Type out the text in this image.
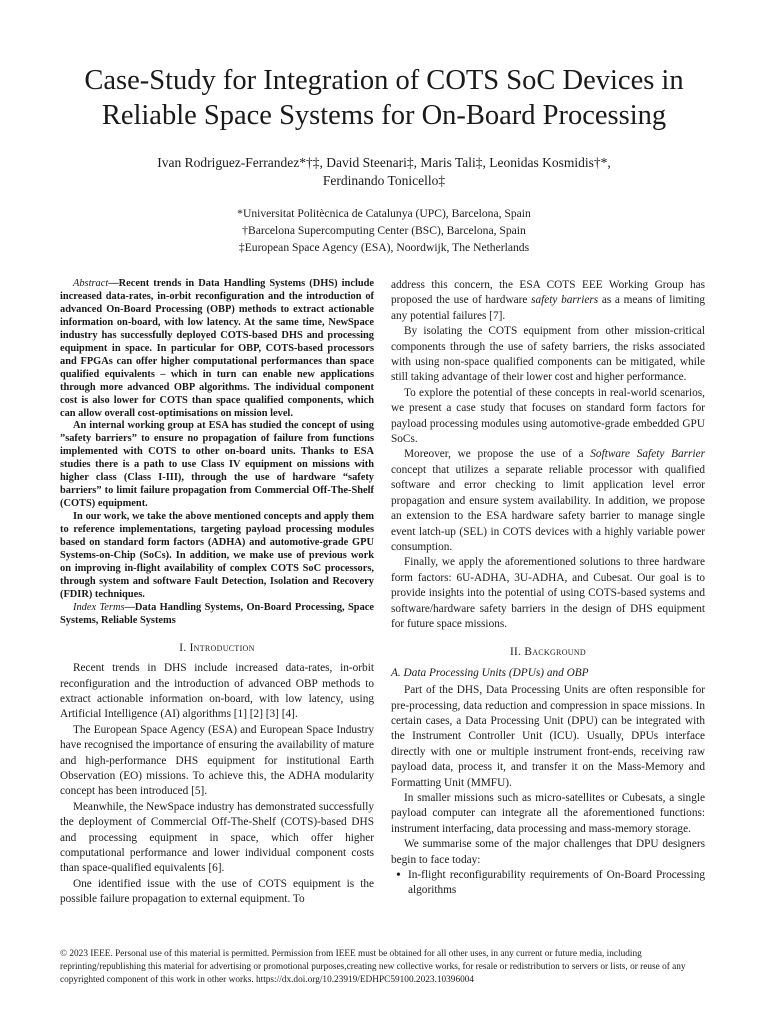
Case-Study for Integration of COTS SoC Devices in Reliable Space Systems for On-Board Processing
Ivan Rodriguez-Ferrandez*†‡, David Steenari‡, Maris Tali‡, Leonidas Kosmidis†*,
Ferdinando Tonicello‡
*Universitat Politècnica de Catalunya (UPC), Barcelona, Spain
†Barcelona Supercomputing Center (BSC), Barcelona, Spain
‡European Space Agency (ESA), Noordwijk, The Netherlands

Abstract—Recent trends in Data Handling Systems (DHS) include increased data-rates, in-orbit reconfiguration and the introduction of advanced On-Board Processing (OBP) methods to extract actionable information on-board, with low latency. At the same time, NewSpace industry has successfully deployed COTS-based DHS and processing equipment in space. In particular for OBP, COTS-based processors and FPGAs can offer higher computational performances than space qualified equivalents – which in turn can enable new applications through more advanced OBP algorithms. The individual component cost is also lower for COTS than space qualified components, which can allow overall cost-optimisations on mission level.

An internal working group at ESA has studied the concept of using ”safety barriers” to ensure no propagation of failure from functions implemented with COTS to other on-board units. Thanks to ESA studies there is a path to use Class IV equipment on missions with higher class (Class I-III), through the use of hardware “safety barriers” to limit failure propagation from Commercial Off-The-Shelf (COTS) equipment.

In our work, we take the above mentioned concepts and apply them to reference implementations, targeting payload processing modules based on standard form factors (ADHA) and automotive-grade GPU Systems-on-Chip (SoCs). In addition, we make use of previous work on improving in-flight availability of complex COTS SoC processors, through system and software Fault Detection, Isolation and Recovery (FDIR) techniques.

Index Terms—Data Handling Systems, On-Board Processing, Space Systems, Reliable Systems

I. Introduction

Recent trends in DHS include increased data-rates, in-orbit reconfiguration and the introduction of advanced OBP methods to extract actionable information on-board, with low latency, using Artificial Intelligence (AI) algorithms [1] [2] [3] [4].

The European Space Agency (ESA) and European Space Industry have recognised the importance of ensuring the availability of mature and high-performance DHS equipment for institutional Earth Observation (EO) missions. To achieve this, the ADHA modularity concept has been introduced [5].

Meanwhile, the NewSpace industry has demonstrated successfully the deployment of Commercial Off-The-Shelf (COTS)-based DHS and processing equipment in space, which offer higher computational performance and lower individual component costs than space-qualified equivalents [6].

One identified issue with the use of COTS equipment is the possible failure propagation to external equipment. To

address this concern, the ESA COTS EEE Working Group has proposed the use of hardware safety barriers as a means of limiting any potential failures [7].

By isolating the COTS equipment from other mission-critical components through the use of safety barriers, the risks associated with using non-space qualified components can be mitigated, while still taking advantage of their lower cost and higher performance.

To explore the potential of these concepts in real-world scenarios, we present a case study that focuses on standard form factors for payload processing modules using automotive-grade embedded GPU SoCs.

Moreover, we propose the use of a Software Safety Barrier concept that utilizes a separate reliable processor with qualified software and error checking to limit application level error propagation and ensure system availability. In addition, we propose an extension to the ESA hardware safety barrier to manage single event latch-up (SEL) in COTS devices with a highly variable power consumption.

Finally, we apply the aforementioned solutions to three hardware form factors: 6U-ADHA, 3U-ADHA, and Cubesat. Our goal is to provide insights into the potential of using COTS-based systems and software/hardware safety barriers in the design of DHS equipment for future space missions.

II. Background

A. Data Processing Units (DPUs) and OBP

Part of the DHS, Data Processing Units are often responsible for pre-processing, data reduction and compression in space missions. In certain cases, a Data Processing Unit (DPU) can be integrated with the Instrument Controller Unit (ICU). Usually, DPUs interface directly with one or multiple instrument front-ends, receiving raw payload data, process it, and transfer it on the Mass-Memory and Formatting Unit (MMFU).

In smaller missions such as micro-satellites or Cubesats, a single payload computer can integrate all the aforementioned functions: instrument interfacing, data processing and mass-memory storage.

We summarise some of the major challenges that DPU designers begin to face today:

• In-flight reconfigurability requirements of On-Board Processing algorithms
© 2023 IEEE. Personal use of this material is permitted. Permission from IEEE must be obtained for all other uses, in any current or future media, including reprinting/republishing this material for advertising or promotional purposes,creating new collective works, for resale or redistribution to servers or lists, or reuse of any copyrighted component of this work in other works. https://dx.doi.org/10.23919/EDHPC59100.2023.10396004
